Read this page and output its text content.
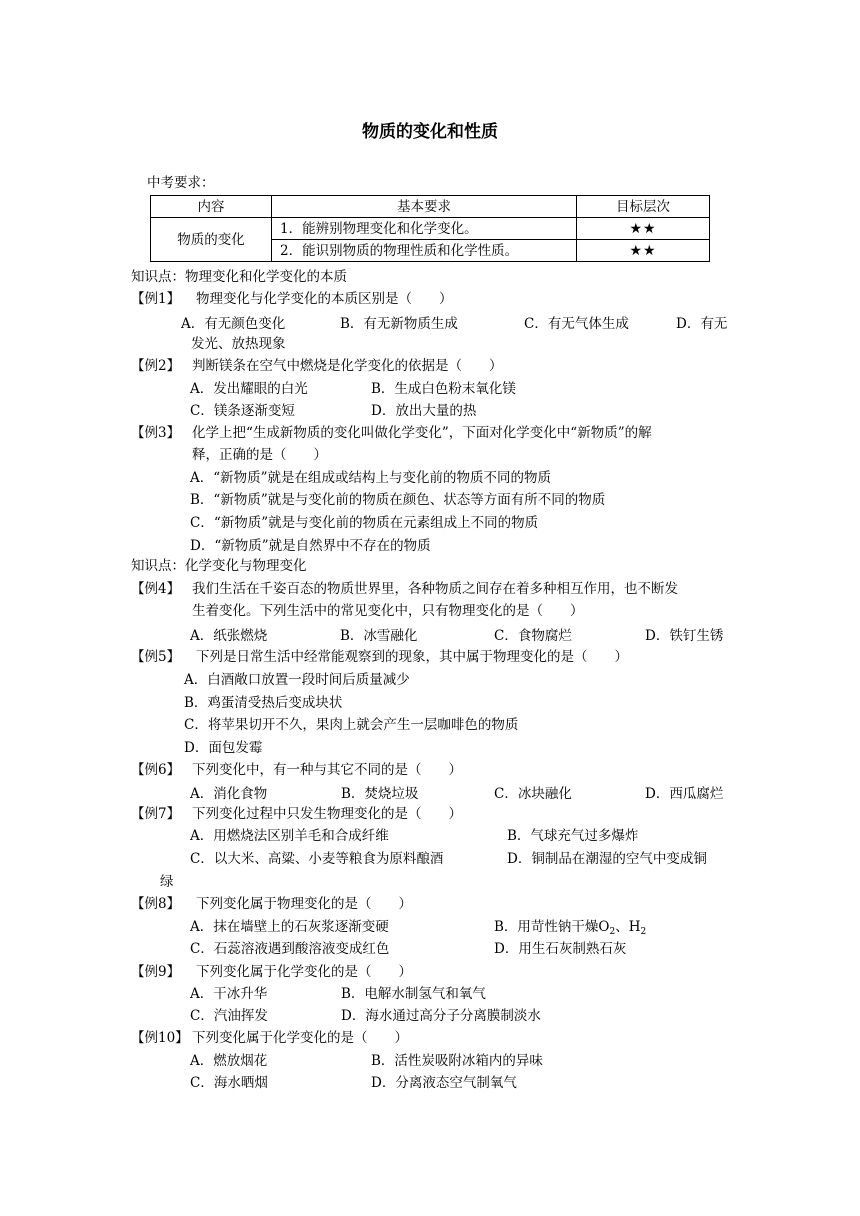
物质的变化和性质
中考要求：
内容	基本要求	目标层次
物质的变化	1．能辨别物理变化和化学变化。	★★
	2．能识别物质的物理性质和化学性质。	★★
知识点：物理变化和化学变化的本质
【例1】 物理变化与化学变化的本质区别是（　　）
A．有无颜色变化	B．有无新物质生成	C．有无气体生成	D．有无
发光、放热现象
【例2】 判断镁条在空气中燃烧是化学变化的依据是（　　）
A．发出耀眼的白光	B．生成白色粉末氧化镁
C．镁条逐渐变短	D．放出大量的热
【例3】 化学上把“生成新物质的变化叫做化学变化”，下面对化学变化中“新物质”的解
释，正确的是（　　）
A．“新物质”就是在组成或结构上与变化前的物质不同的物质
B．“新物质”就是与变化前的物质在颜色、状态等方面有所不同的物质
C．“新物质”就是与变化前的物质在元素组成上不同的物质
D．“新物质”就是自然界中不存在的物质
知识点：化学变化与物理变化
【例4】 我们生活在千姿百态的物质世界里，各种物质之间存在着多种相互作用，也不断发
生着变化。下列生活中的常见变化中，只有物理变化的是（　　）
A．纸张燃烧	B．冰雪融化	C．食物腐烂	D．铁钉生锈
【例5】 下列是日常生活中经常能观察到的现象，其中属于物理变化的是（　　）
A．白酒敞口放置一段时间后质量减少
B．鸡蛋清受热后变成块状
C．将苹果切开不久，果肉上就会产生一层咖啡色的物质
D．面包发霉
【例6】 下列变化中，有一种与其它不同的是（　　）
A．消化食物	B．焚烧垃圾	C．冰块融化	D．西瓜腐烂
【例7】 下列变化过程中只发生物理变化的是（　　）
A．用燃烧法区别羊毛和合成纤维	B．气球充气过多爆炸
C．以大米、高粱、小麦等粮食为原料酿酒	D．铜制品在潮湿的空气中变成铜
绿
【例8】 下列变化属于物理变化的是（　　）
A．抹在墙壁上的石灰浆逐渐变硬	B．用苛性钠干燥$O_2$、$H_2$
C．石蕊溶液遇到酸溶液变成红色	D．用生石灰制熟石灰
【例9】 下列变化属于化学变化的是（　　）
A．干冰升华	B．电解水制氢气和氧气
C．汽油挥发	D．海水通过高分子分离膜制淡水
【例10】 下列变化属于化学变化的是（　　）
A．燃放烟花	B．活性炭吸附冰箱内的异味
C．海水晒烟	D．分离液态空气制氧气
